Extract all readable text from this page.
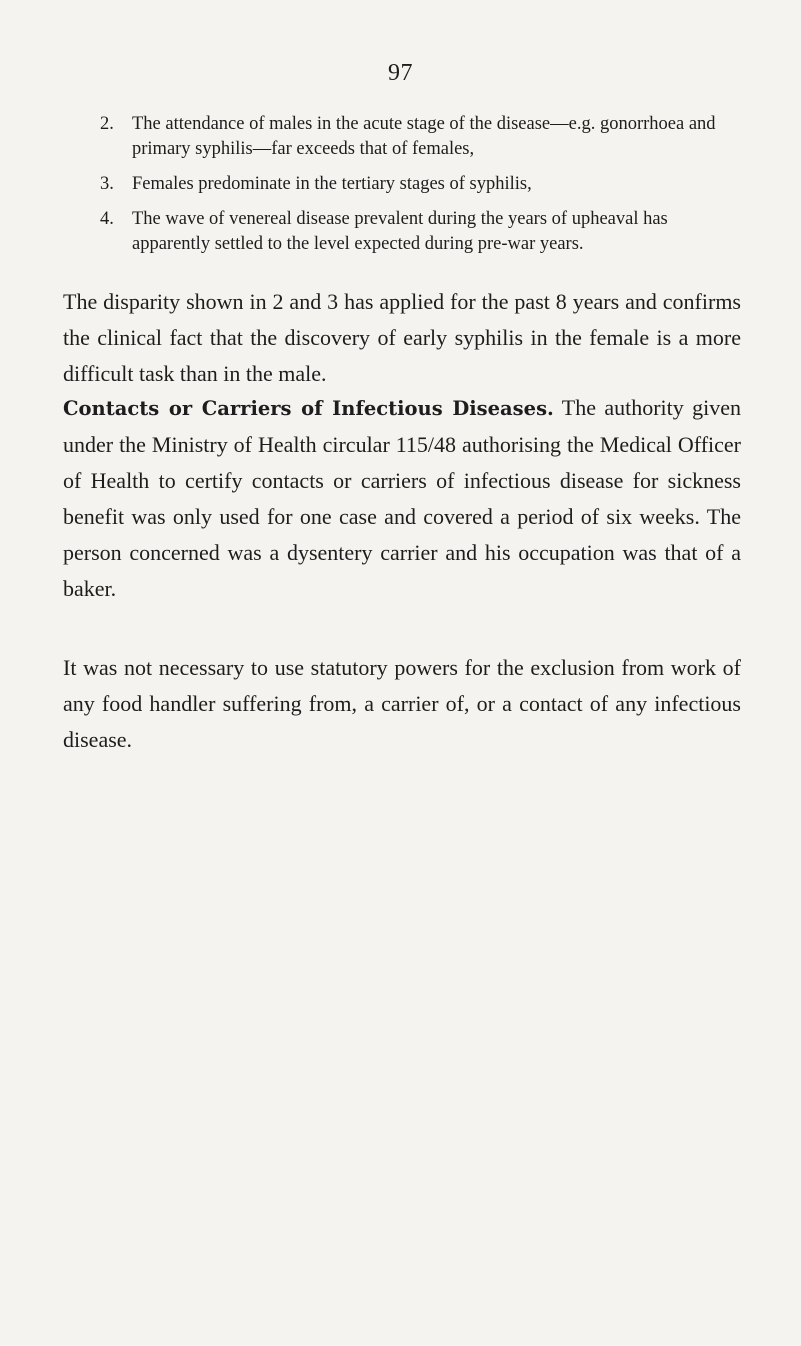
97
2. The attendance of males in the acute stage of the disease—e.g. gonorrhoea and primary syphilis—far exceeds that of females,
3. Females predominate in the tertiary stages of syphilis,
4. The wave of venereal disease prevalent during the years of upheaval has apparently settled to the level expected during pre-war years.

The disparity shown in 2 and 3 has applied for the past 8 years and confirms the clinical fact that the discovery of early syphilis in the female is a more difficult task than in the male.

Contacts or Carriers of Infectious Diseases. The authority given under the Ministry of Health circular 115/48 authorising the Medical Officer of Health to certify contacts or carriers of infectious disease for sickness benefit was only used for one case and covered a period of six weeks. The person concerned was a dysentery carrier and his occupation was that of a baker.

It was not necessary to use statutory powers for the exclusion from work of any food handler suffering from, a carrier of, or a contact of any infectious disease.
